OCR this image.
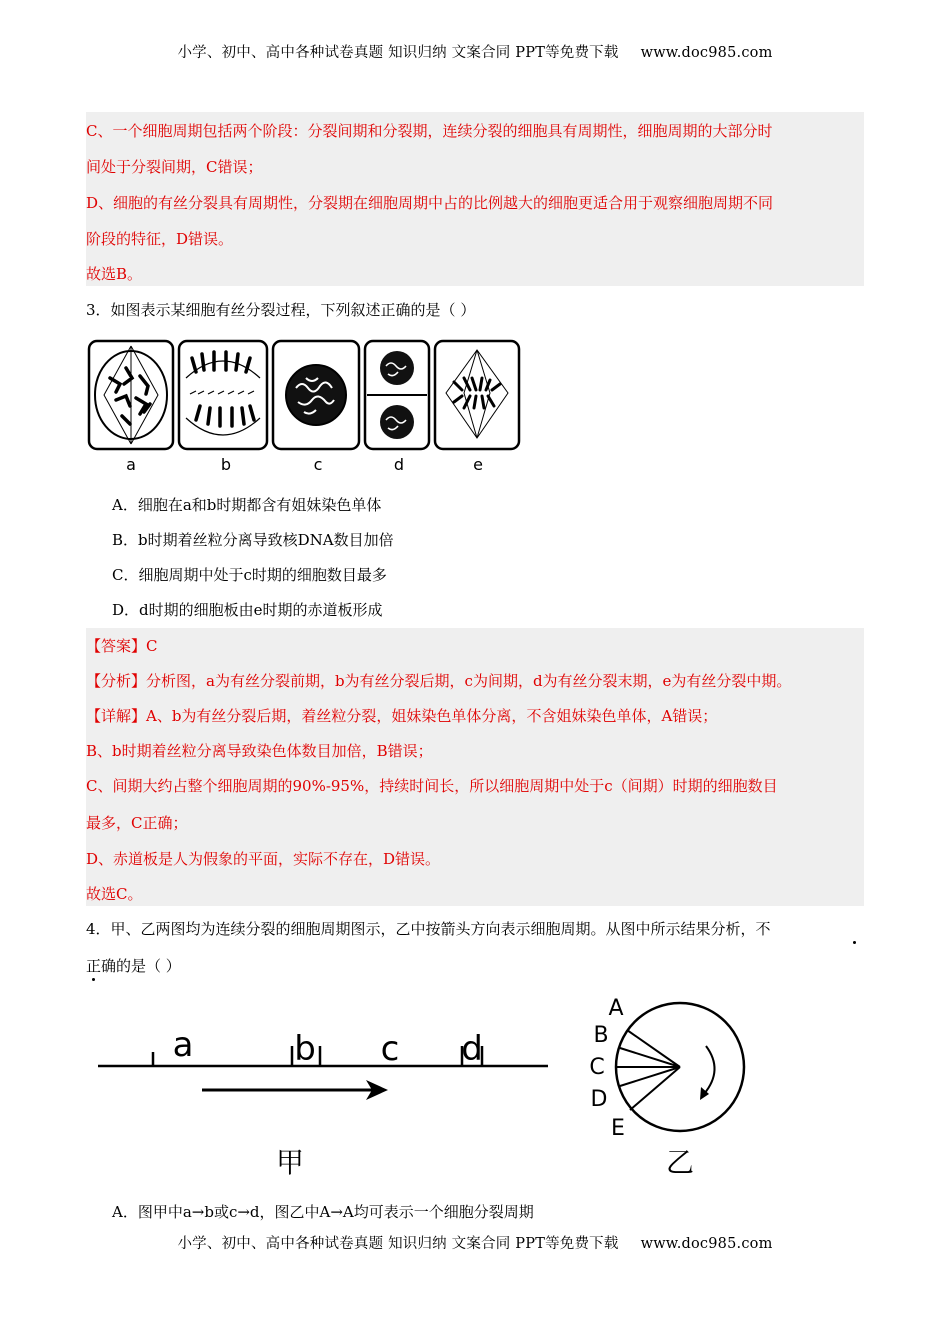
小学、初中、高中各种试卷真题 知识归纳 文案合同 PPT等免费下载 www.doc985.com
C、一个细胞周期包括两个阶段：分裂间期和分裂期，连续分裂的细胞具有周期性，细胞周期的大部分时
间处于分裂间期，C错误；
D、细胞的有丝分裂具有周期性，分裂期在细胞周期中占的比例越大的细胞更适合用于观察细胞周期不同
阶段的特征，D错误。
故选B。
3．如图表示某细胞有丝分裂过程，下列叙述正确的是（ ）
a	b	c	d	e
A．细胞在a和b时期都含有姐妹染色单体
B．b时期着丝粒分离导致核DNA数目加倍
C．细胞周期中处于c时期的细胞数目最多
D．d时期的细胞板由e时期的赤道板形成
【答案】C
【分析】分析图，a为有丝分裂前期，b为有丝分裂后期，c为间期，d为有丝分裂末期，e为有丝分裂中期。
【详解】A、b为有丝分裂后期，着丝粒分裂，姐妹染色单体分离，不含姐妹染色单体，A错误；
B、b时期着丝粒分离导致染色体数目加倍，B错误；
C、间期大约占整个细胞周期的90%-95%，持续时间长，所以细胞周期中处于c（间期）时期的细胞数目
最多，C正确；
D、赤道板是人为假象的平面，实际不存在，D错误。
故选C。
4．甲、乙两图均为连续分裂的细胞周期图示，乙中按箭头方向表示细胞周期。从图中所示结果分析，不
正确的是（ ）
a	b c d
甲
A
B
C
D
E
乙
A．图甲中a→b或c→d，图乙中A→A均可表示一个细胞分裂周期
小学、初中、高中各种试卷真题 知识归纳 文案合同 PPT等免费下载 www.doc985.com
